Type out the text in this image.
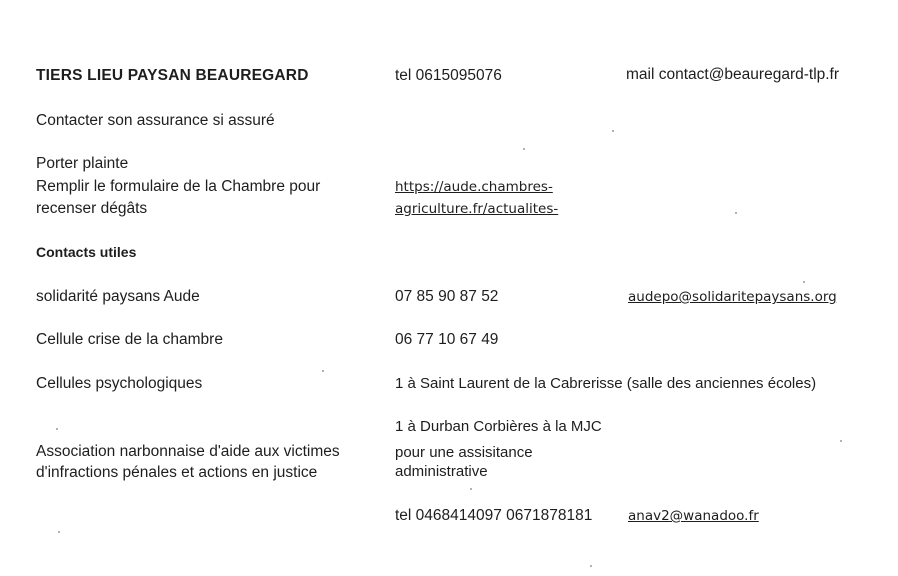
TIERS LIEU PAYSAN BEAUREGARD	tel 0615095076	mail contact@beauregard-tlp.fr
Contacter son assurance si assuré
Porter plainte
Remplir le formulaire de la Chambre pour
recenser dégâts
https://aude.chambres-
agriculture.fr/actualites-
Contacts utiles
solidarité paysans Aude	07 85 90 87 52	audepo@solidaritepaysans.org
Cellule crise de la chambre	06 77 10 67 49
Cellules psychologiques	1 à Saint Laurent de la Cabrerisse (salle des anciennes écoles)
1 à Durban Corbières à la MJC
Association narbonnaise d'aide aux victimes
d'infractions pénales et actions en justice
pour une assisitance
administrative
tel 0468414097 0671878181	anav2@wanadoo.fr
